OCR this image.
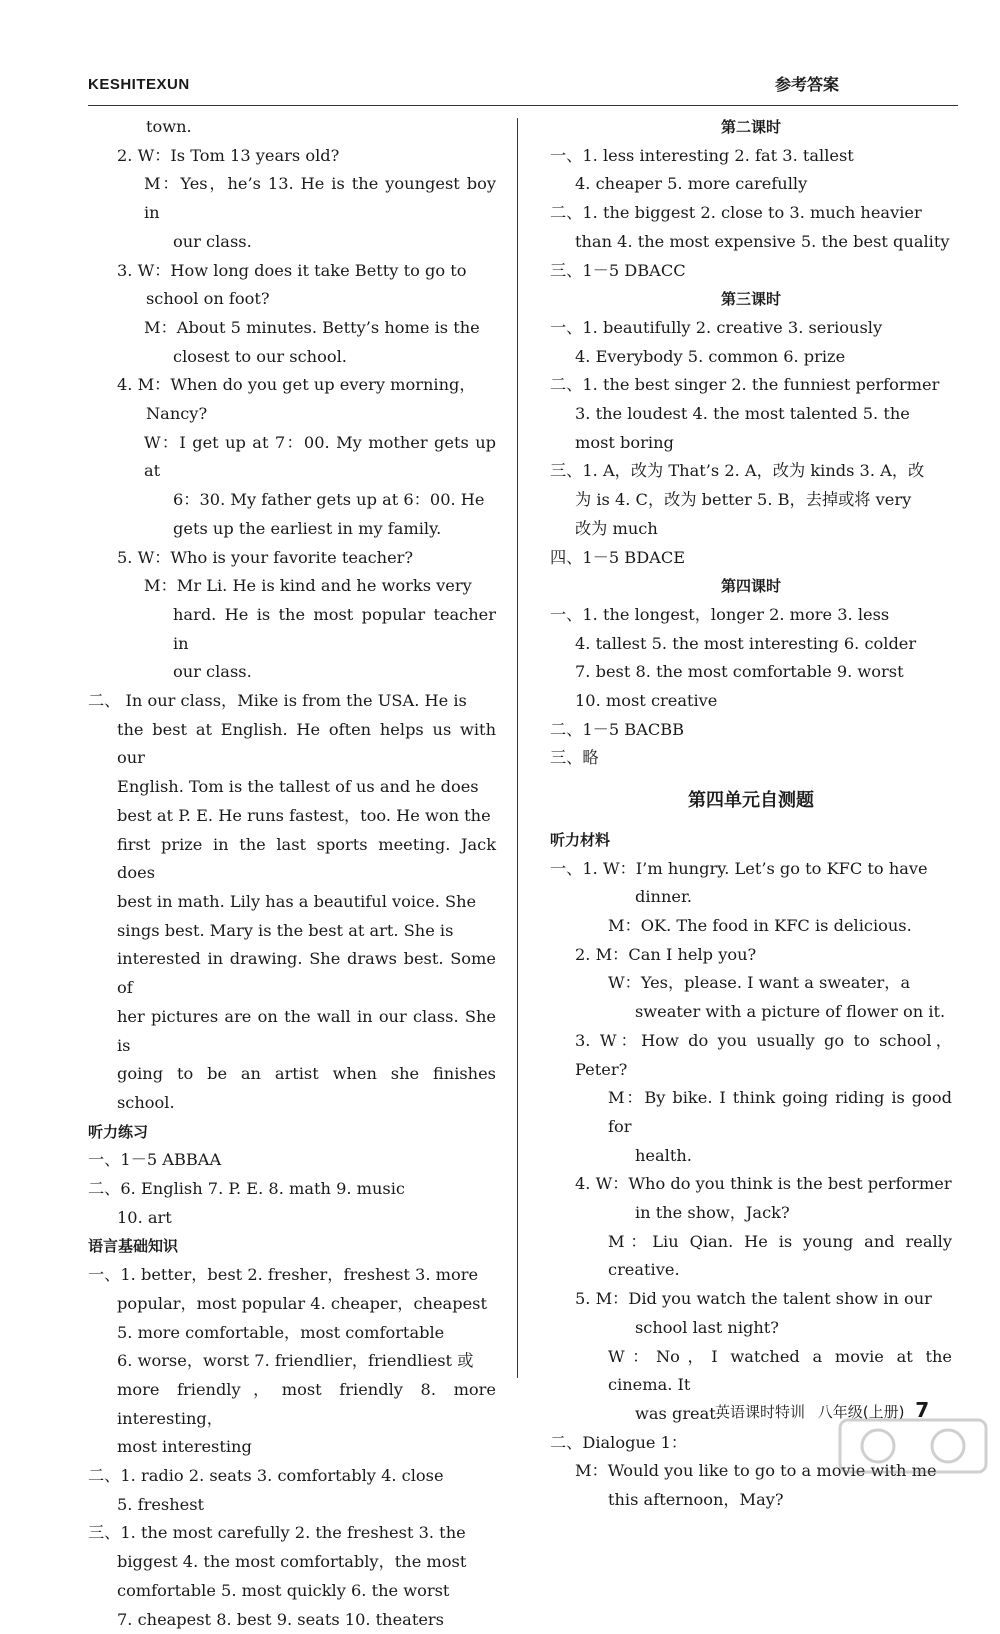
KESHITEXUN	参考答案

town.

2. W：Is Tom 13 years old?

M：Yes，he’s 13. He is the youngest boy in

our class.

3. W：How long does it take Betty to go to

school on foot?

M：About 5 minutes. Betty’s home is the

closest to our school.

4. M：When do you get up every morning，

Nancy?

W：I get up at 7：00. My mother gets up at

6：30. My father gets up at 6：00. He

gets up the earliest in my family.

5. W：Who is your favorite teacher?

M：Mr Li. He is kind and he works very

hard. He is the most popular teacher in

our class.

二、 In our class，Mike is from the USA. He is

the best at English. He often helps us with our

English. Tom is the tallest of us and he does

best at P. E. He runs fastest，too. He won the

first prize in the last sports meeting. Jack does

best in math. Lily has a beautiful voice. She

sings best. Mary is the best at art. She is

interested in drawing. She draws best. Some of

her pictures are on the wall in our class. She is

going to be an artist when she finishes school.

听力练习

一、1－5 ABBAA

二、6. English 7. P. E. 8. math 9. music

10. art

语言基础知识

一、1. better，best 2. fresher，freshest 3. more

popular，most popular 4. cheaper，cheapest

5. more comfortable，most comfortable

6. worse，worst 7. friendlier，friendliest 或

more friendly，most friendly 8. more interesting，

most interesting

二、1. radio 2. seats 3. comfortably 4. close

5. freshest

三、1. the most carefully 2. the freshest 3. the

biggest 4. the most comfortably，the most

comfortable 5. most quickly 6. the worst

7. cheapest 8. best 9. seats 10. theaters

第二课时

一、1. less interesting 2. fat 3. tallest

4. cheaper 5. more carefully

二、1. the biggest 2. close to 3. much heavier

than 4. the most expensive 5. the best quality

三、1－5 DBACC

第三课时

一、1. beautifully 2. creative 3. seriously

4. Everybody 5. common 6. prize

二、1. the best singer 2. the funniest performer

3. the loudest 4. the most talented 5. the

most boring

三、1. A，改为 That’s 2. A，改为 kinds 3. A，改

为 is 4. C，改为 better 5. B，去掉或将 very

改为 much

四、1－5 BDACE

第四课时

一、1. the longest，longer 2. more 3. less

4. tallest 5. the most interesting 6. colder

7. best 8. the most comfortable 9. worst

10. most creative

二、1－5 BACBB

三、略

第四单元自测题

听力材料

一、1. W：I’m hungry. Let’s go to KFC to have

dinner.

M：OK. The food in KFC is delicious.

2. M：Can I help you?

W：Yes，please. I want a sweater，a

sweater with a picture of flower on it.

3. W：How do you usually go to school，Peter?

M：By bike. I think going riding is good for

health.

4. W：Who do you think is the best performer

in the show，Jack?

M：Liu Qian. He is young and really creative.

5. M：Did you watch the talent show in our

school last night?

W：No，I watched a movie at the cinema. It

was great.

二、Dialogue 1：

M：Would you like to go to a movie with me

this afternoon，May?

英语课时特训 八年级(上册) 7
